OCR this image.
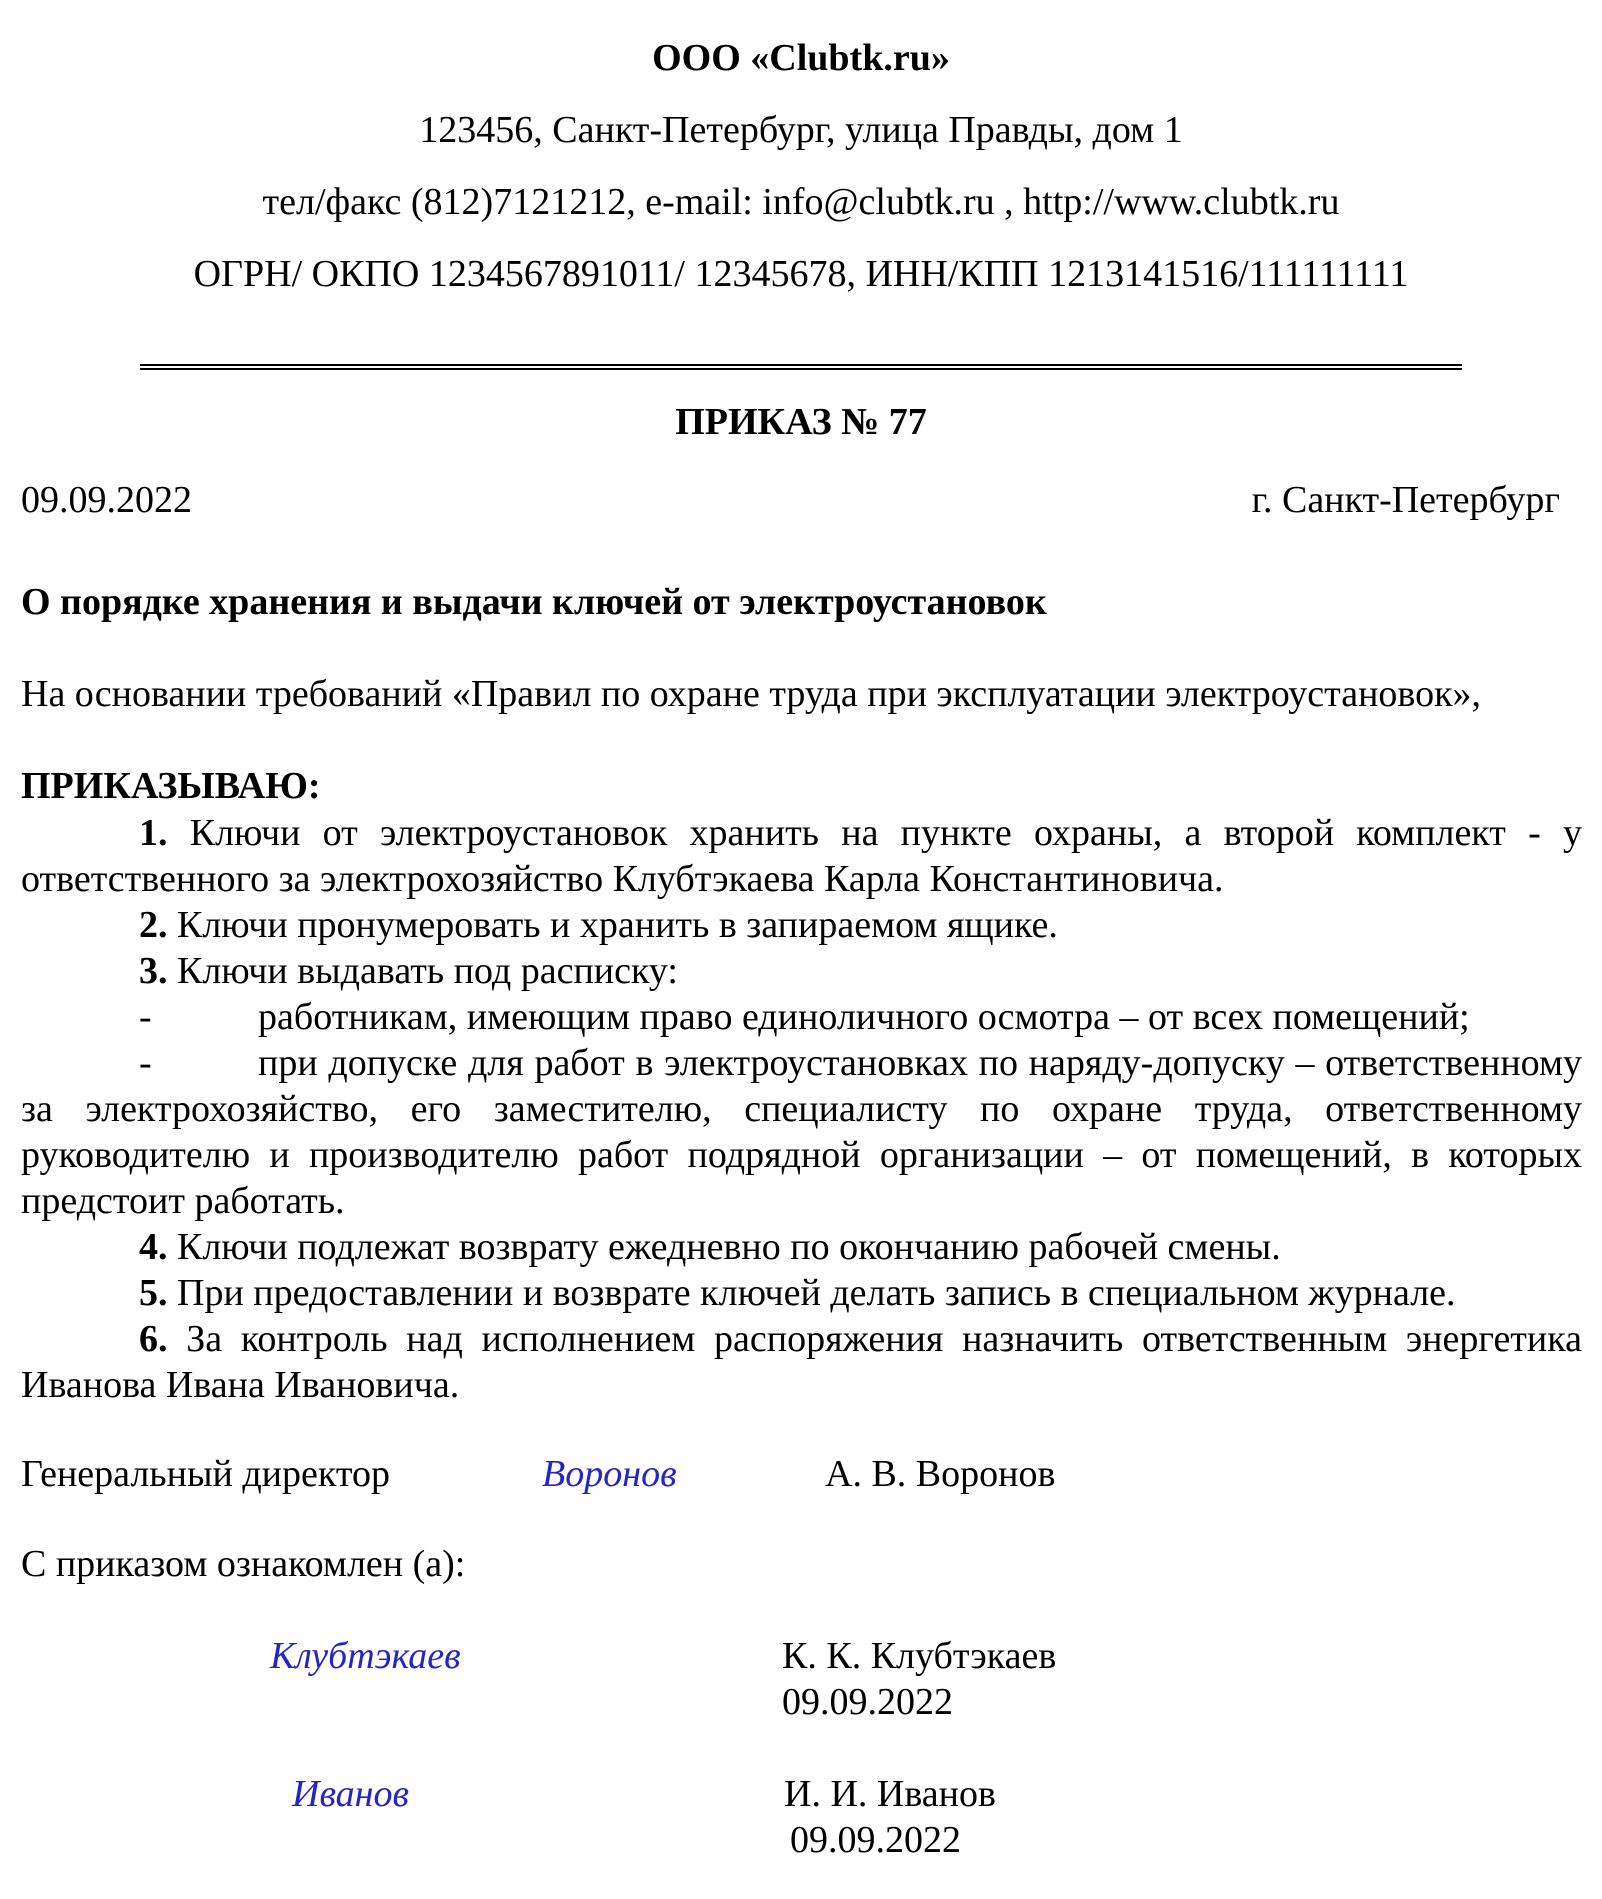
ООО «Clubtk.ru»
123456, Санкт-Петербург, улица Правды, дом 1
тел/факс (812)7121212, e-mail: info@clubtk.ru , http://www.clubtk.ru
ОГРН/ ОКПО 1234567891011/ 12345678, ИНН/КПП 1213141516/111111111
ПРИКАЗ № 77
09.09.2022	г. Санкт-Петербург
О порядке хранения и выдачи ключей от электроустановок
На основании требований «Правил по охране труда при эксплуатации электроустановок»,
ПРИКАЗЫВАЮ:
1. Ключи от электроустановок хранить на пункте охраны, а второй комплект - у ответственного за электрохозяйство Клубтэкаева Карла Константиновича.
2. Ключи пронумеровать и хранить в запираемом ящике.
3. Ключи выдавать под расписку:
-	работникам, имеющим право единоличного осмотра – от всех помещений;
-	при допуске для работ в электроустановках по наряду-допуску – ответственному за электрохозяйство, его заместителю, специалисту по охране труда, ответственному руководителю и производителю работ подрядной организации – от помещений, в которых предстоит работать.
4. Ключи подлежат возврату ежедневно по окончанию рабочей смены.
5. При предоставлении и возврате ключей делать запись в специальном журнале.
6. За контроль над исполнением распоряжения назначить ответственным энергетика Иванова Ивана Ивановича.
Генеральный директор	Воронов	А. В. Воронов
С приказом ознакомлен (а):
Клубтэкаев	К. К. Клубтэкаев
09.09.2022
Иванов	И. И. Иванов
09.09.2022
